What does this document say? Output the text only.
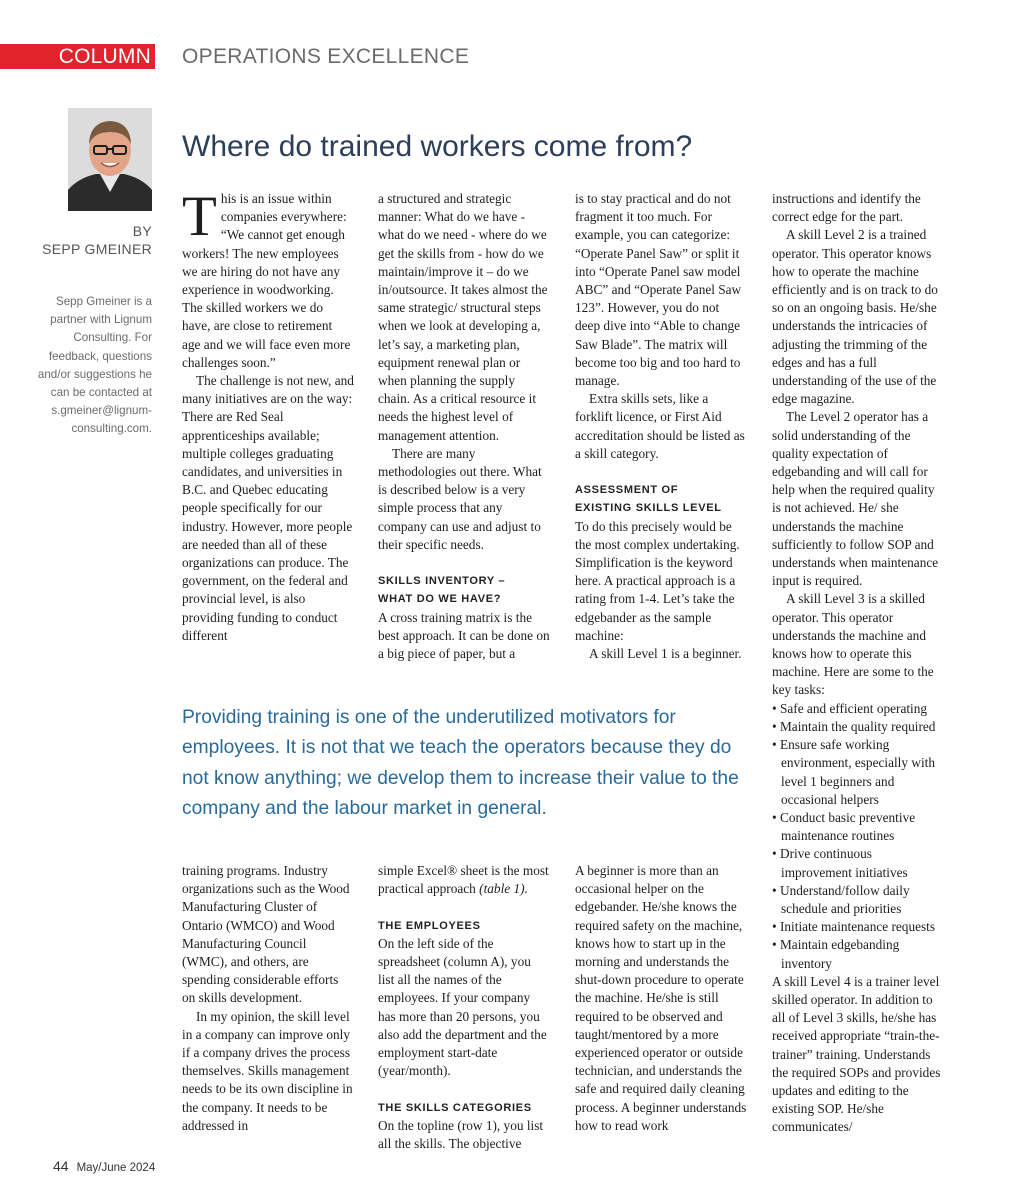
COLUMN OPERATIONS EXCELLENCE
BY
SEPP GMEINER
Sepp Gmeiner is a partner with Lignum Consulting. For feedback, questions and/or suggestions he can be contacted at s.gmeiner@lignum-consulting.com.
Where do trained workers come from?
T his is an issue within companies everywhere: “We cannot get enough workers! The new employees we are hiring do not have any experience in woodworking. The skilled workers we do have, are close to retirement age and we will face even more challenges soon.”

The challenge is not new, and many initiatives are on the way: There are Red Seal apprenticeships available; multiple colleges graduating candidates, and universities in B.C. and Quebec educating people specifically for our industry. However, more people are needed than all of these organizations can produce. The government, on the federal and provincial level, is also providing funding to conduct different

a structured and strategic manner: What do we have - what do we need - where do we get the skills from - how do we maintain/improve it – do we in/outsource. It takes almost the same strategic/ structural steps when we look at developing a, let’s say, a marketing plan, equipment renewal plan or when planning the supply chain. As a critical resource it needs the highest level of management attention.

There are many methodologies out there. What is described below is a very simple process that any company can use and adjust to their specific needs.

SKILLS INVENTORY –
WHAT DO WE HAVE?

A cross training matrix is the best approach. It can be done on a big piece of paper, but a

is to stay practical and do not fragment it too much. For example, you can categorize: “Operate Panel Saw” or split it into “Operate Panel saw model ABC” and “Operate Panel Saw 123”. However, you do not deep dive into “Able to change Saw Blade”. The matrix will become too big and too hard to manage.

Extra skills sets, like a forklift licence, or First Aid accreditation should be listed as a skill category.

ASSESSMENT OF
EXISTING SKILLS LEVEL

To do this precisely would be the most complex undertaking. Simplification is the keyword here. A practical approach is a rating from 1-4. Let’s take the edgebander as the sample machine:

A skill Level 1 is a beginner.

Providing training is one of the underutilized motivators for employees. It is not that we teach the operators because they do not know anything; we develop them to increase their value to the company and the labour market in general.

training programs. Industry organizations such as the Wood Manufacturing Cluster of Ontario (WMCO) and Wood Manufacturing Council (WMC), and others, are spending considerable efforts on skills development.

In my opinion, the skill level in a company can improve only if a company drives the process themselves. Skills management needs to be its own discipline in the company. It needs to be addressed in

simple Excel® sheet is the most practical approach (table 1).

THE EMPLOYEES

On the left side of the spreadsheet (column A), you list all the names of the employees. If your company has more than 20 persons, you also add the department and the employment start-date (year/month).

THE SKILLS CATEGORIES

On the topline (row 1), you list all the skills. The objective

A beginner is more than an occasional helper on the edgebander. He/she knows the required safety on the machine, knows how to start up in the morning and understands the shut-down procedure to operate the machine. He/she is still required to be observed and taught/mentored by a more experienced operator or outside technician, and understands the safe and required daily cleaning process. A beginner understands how to read work

instructions and identify the correct edge for the part.

A skill Level 2 is a trained operator. This operator knows how to operate the machine efficiently and is on track to do so on an ongoing basis. He/she understands the intricacies of adjusting the trimming of the edges and has a full understanding of the use of the edge magazine.

The Level 2 operator has a solid understanding of the quality expectation of edgebanding and will call for help when the required quality is not achieved. He/ she understands the machine sufficiently to follow SOP and understands when maintenance input is required.

A skill Level 3 is a skilled operator. This operator understands the machine and knows how to operate this machine. Here are some to the key tasks:

• Safe and efficient operating
• Maintain the quality required
• Ensure safe working environment, especially with level 1 beginners and occasional helpers
• Conduct basic preventive maintenance routines
• Drive continuous improvement initiatives
• Understand/follow daily schedule and priorities
• Initiate maintenance requests
• Maintain edgebanding inventory

A skill Level 4 is a trainer level skilled operator. In addition to all of Level 3 skills, he/she has received appropriate “train-the-trainer” training. Understands the required SOPs and provides updates and editing to the existing SOP. He/she communicates/

44 May/June 2024
